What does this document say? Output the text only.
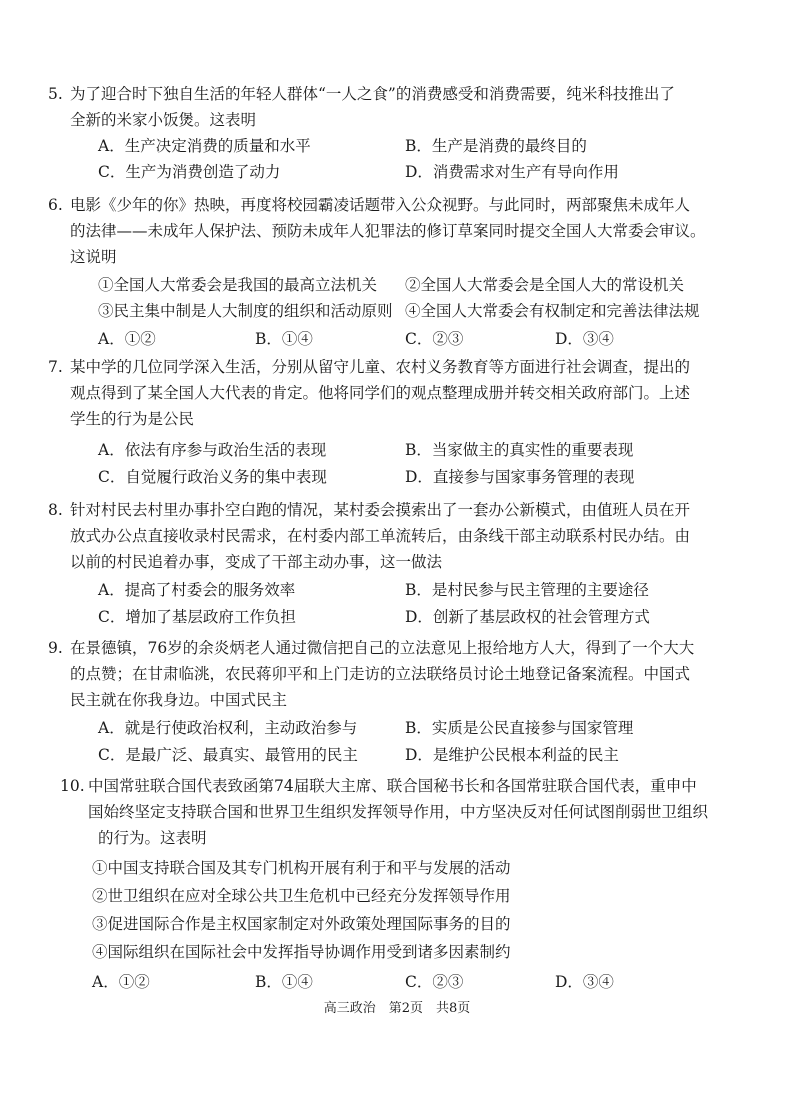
5. 为了迎合时下独自生活的年轻人群体“一人之食”的消费感受和消费需要，纯米科技推出了
全新的米家小饭煲。这表明
A．生产决定消费的质量和水平	B．生产是消费的最终目的
C．生产为消费创造了动力	D．消费需求对生产有导向作用
6. 电影《少年的你》热映，再度将校园霸凌话题带入公众视野。与此同时，两部聚焦未成年人
的法律——未成年人保护法、预防未成年人犯罪法的修订草案同时提交全国人大常委会审议。
这说明
①全国人大常委会是我国的最高立法机关 ②全国人大常委会是全国人大的常设机关
③民主集中制是人大制度的组织和活动原则 ④全国人大常委会有权制定和完善法律法规
A．①②	B．①④	C．②③	D．③④
7. 某中学的几位同学深入生活，分别从留守儿童、农村义务教育等方面进行社会调查，提出的
观点得到了某全国人大代表的肯定。他将同学们的观点整理成册并转交相关政府部门。上述
学生的行为是公民
A．依法有序参与政治生活的表现	B．当家做主的真实性的重要表现
C．自觉履行政治义务的集中表现	D．直接参与国家事务管理的表现
8. 针对村民去村里办事扑空白跑的情况，某村委会摸索出了一套办公新模式，由值班人员在开
放式办公点直接收录村民需求，在村委内部工单流转后，由条线干部主动联系村民办结。由
以前的村民追着办事，变成了干部主动办事，这一做法
A．提高了村委会的服务效率	B．是村民参与民主管理的主要途径
C．增加了基层政府工作负担	D．创新了基层政权的社会管理方式
9. 在景德镇，76岁的余炎炳老人通过微信把自己的立法意见上报给地方人大，得到了一个大大
的点赞；在甘肃临洮，农民蒋卯平和上门走访的立法联络员讨论土地登记备案流程。中国式
民主就在你我身边。中国式民主
A．就是行使政治权利，主动政治参与	B．实质是公民直接参与国家管理
C．是最广泛、最真实、最管用的民主	D．是维护公民根本利益的民主
10. 中国常驻联合国代表致函第74届联大主席、联合国秘书长和各国常驻联合国代表，重申中
国始终坚定支持联合国和世界卫生组织发挥领导作用，中方坚决反对任何试图削弱世卫组织
的行为。这表明
①中国支持联合国及其专门机构开展有利于和平与发展的活动
②世卫组织在应对全球公共卫生危机中已经充分发挥领导作用
③促进国际合作是主权国家制定对外政策处理国际事务的目的
④国际组织在国际社会中发挥指导协调作用受到诸多因素制约
A．①②	B．①④	C．②③	D．③④
高三政治　第2页　共8页
